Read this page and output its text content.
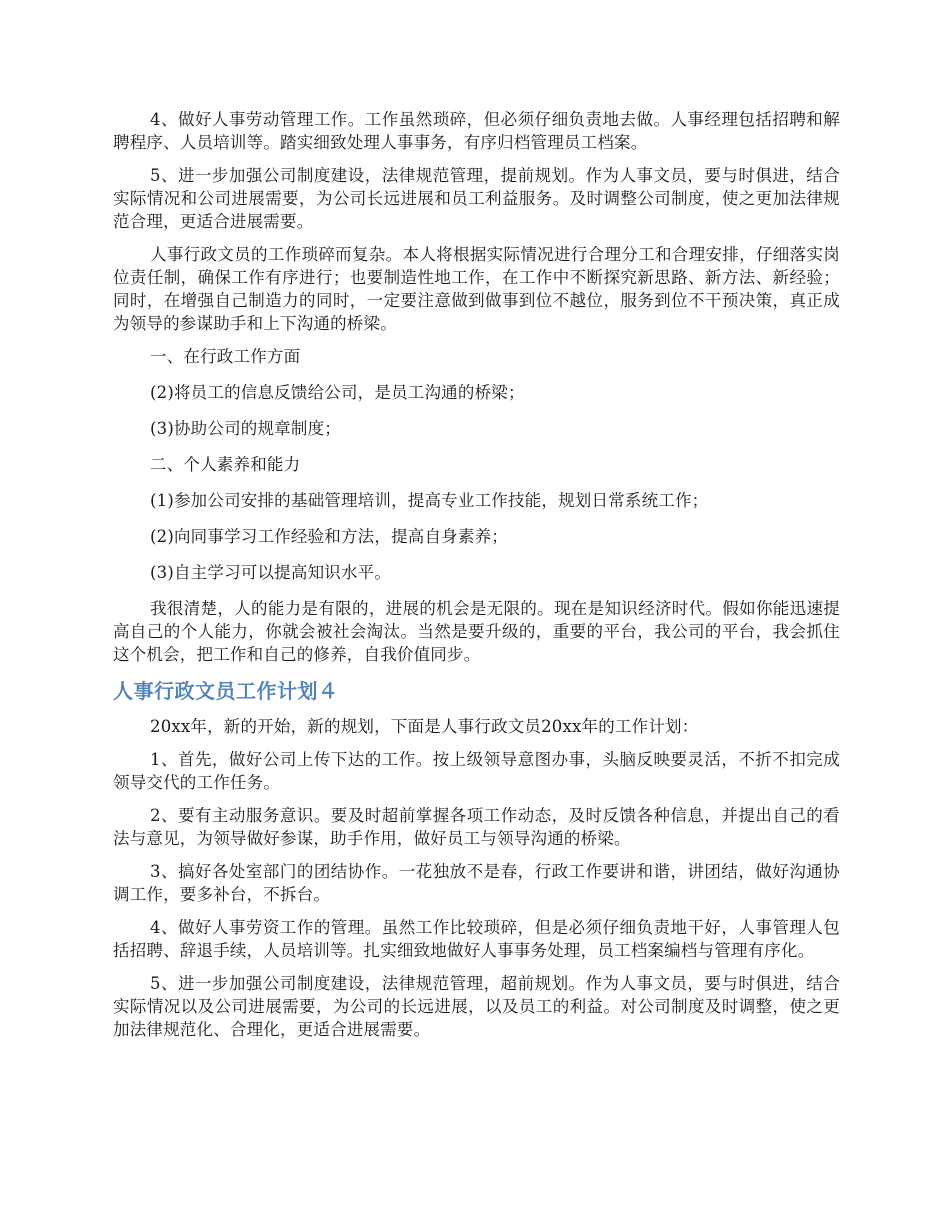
4、做好人事劳动管理工作。工作虽然琐碎，但必须仔细负责地去做。人事经理包括招聘和解聘程序、人员培训等。踏实细致处理人事事务，有序归档管理员工档案。

5、进一步加强公司制度建设，法律规范管理，提前规划。作为人事文员，要与时俱进，结合实际情况和公司进展需要，为公司长远进展和员工利益服务。及时调整公司制度，使之更加法律规范合理，更适合进展需要。

人事行政文员的工作琐碎而复杂。本人将根据实际情况进行合理分工和合理安排，仔细落实岗位责任制，确保工作有序进行；也要制造性地工作，在工作中不断探究新思路、新方法、新经验；同时，在增强自己制造力的同时，一定要注意做到做事到位不越位，服务到位不干预决策，真正成为领导的参谋助手和上下沟通的桥梁。

一、在行政工作方面

(2)将员工的信息反馈给公司，是员工沟通的桥梁；

(3)协助公司的规章制度；

二、个人素养和能力

(1)参加公司安排的基础管理培训，提高专业工作技能，规划日常系统工作；

(2)向同事学习工作经验和方法，提高自身素养；

(3)自主学习可以提高知识水平。

我很清楚，人的能力是有限的，进展的机会是无限的。现在是知识经济时代。假如你能迅速提高自己的个人能力，你就会被社会淘汰。当然是要升级的，重要的平台，我公司的平台，我会抓住这个机会，把工作和自己的修养，自我价值同步。

人事行政文员工作计划４

20xx年，新的开始，新的规划，下面是人事行政文员20xx年的工作计划：

1、首先，做好公司上传下达的工作。按上级领导意图办事，头脑反映要灵活，不折不扣完成领导交代的工作任务。

2、要有主动服务意识。要及时超前掌握各项工作动态，及时反馈各种信息，并提出自己的看法与意见，为领导做好参谋，助手作用，做好员工与领导沟通的桥梁。

3、搞好各处室部门的团结协作。一花独放不是春，行政工作要讲和谐，讲团结，做好沟通协调工作，要多补台，不拆台。

4、做好人事劳资工作的管理。虽然工作比较琐碎，但是必须仔细负责地干好，人事管理人包括招聘、辞退手续，人员培训等。扎实细致地做好人事事务处理，员工档案编档与管理有序化。

5、进一步加强公司制度建设，法律规范管理，超前规划。作为人事文员，要与时俱进，结合实际情况以及公司进展需要，为公司的长远进展，以及员工的利益。对公司制度及时调整，使之更加法律规范化、合理化，更适合进展需要。
